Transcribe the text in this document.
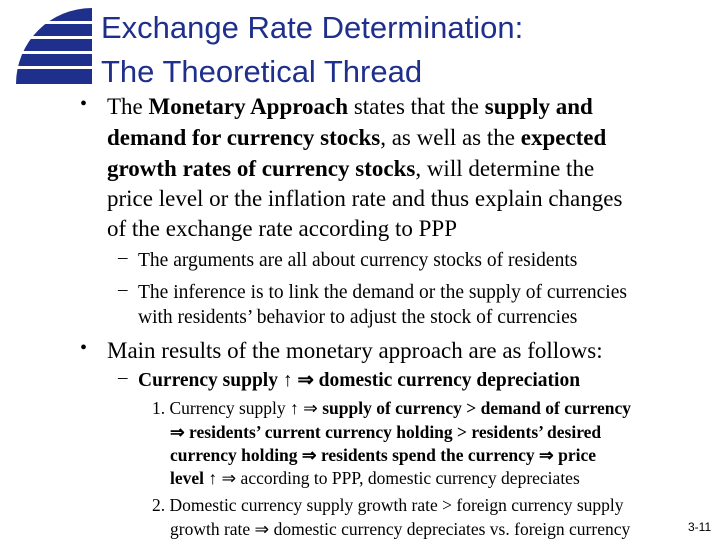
Exchange Rate Determination:
The Theoretical Thread
• The Monetary Approach states that the supply and
demand for currency stocks, as well as the expected
growth rates of currency stocks, will determine the
price level or the inflation rate and thus explain changes
of the exchange rate according to PPP
– The arguments are all about currency stocks of residents
– The inference is to link the demand or the supply of currencies
with residents’ behavior to adjust the stock of currencies
• Main results of the monetary approach are as follows:
– Currency supply ↑ ⇒ domestic currency depreciation
1. Currency supply ↑ ⇒ supply of currency > demand of currency
⇒ residents’ current currency holding > residents’ desired
currency holding ⇒ residents spend the currency ⇒ price
level ↑ ⇒ according to PPP, domestic currency depreciates
2. Domestic currency supply growth rate > foreign currency supply
growth rate ⇒ domestic currency depreciates vs. foreign currency	3-11
